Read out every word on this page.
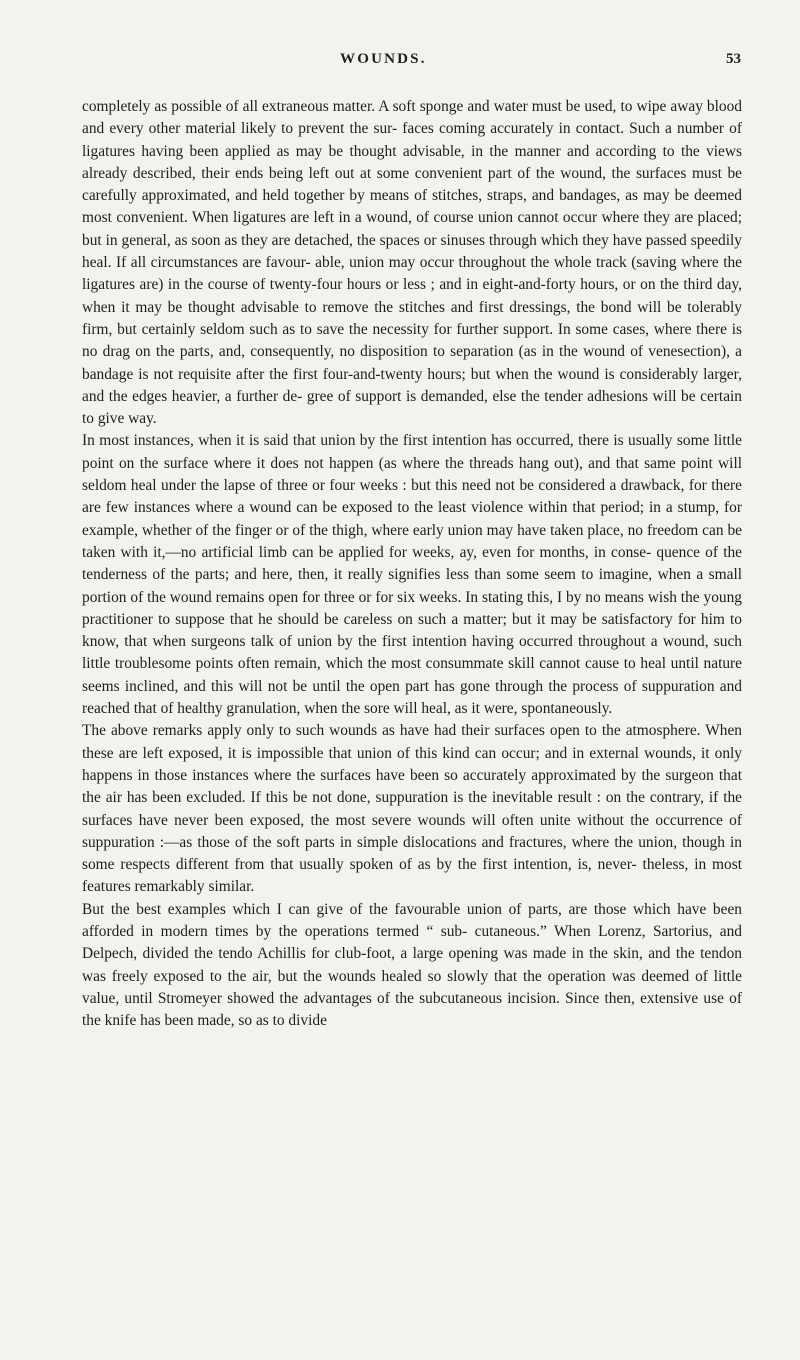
WOUNDS.	53

completely as possible of all extraneous matter. A soft sponge and water must be used, to wipe away blood and every other material likely to prevent the sur- faces coming accurately in contact. Such a number of ligatures having been applied as may be thought advisable, in the manner and according to the views already described, their ends being left out at some convenient part of the wound, the surfaces must be carefully approximated, and held together by means of stitches, straps, and bandages, as may be deemed most convenient. When ligatures are left in a wound, of course union cannot occur where they are placed; but in general, as soon as they are detached, the spaces or sinuses through which they have passed speedily heal. If all circumstances are favour- able, union may occur throughout the whole track (saving where the ligatures are) in the course of twenty-four hours or less ; and in eight-and-forty hours, or on the third day, when it may be thought advisable to remove the stitches and first dressings, the bond will be tolerably firm, but certainly seldom such as to save the necessity for further support. In some cases, where there is no drag on the parts, and, consequently, no disposition to separation (as in the wound of venesection), a bandage is not requisite after the first four-and-twenty hours; but when the wound is considerably larger, and the edges heavier, a further de- gree of support is demanded, else the tender adhesions will be certain to give way.

In most instances, when it is said that union by the first intention has occurred, there is usually some little point on the surface where it does not happen (as where the threads hang out), and that same point will seldom heal under the lapse of three or four weeks : but this need not be considered a drawback, for there are few instances where a wound can be exposed to the least violence within that period; in a stump, for example, whether of the finger or of the thigh, where early union may have taken place, no freedom can be taken with it,—no artificial limb can be applied for weeks, ay, even for months, in conse- quence of the tenderness of the parts; and here, then, it really signifies less than some seem to imagine, when a small portion of the wound remains open for three or for six weeks. In stating this, I by no means wish the young practitioner to suppose that he should be careless on such a matter; but it may be satisfactory for him to know, that when surgeons talk of union by the first intention having occurred throughout a wound, such little troublesome points often remain, which the most consummate skill cannot cause to heal until nature seems inclined, and this will not be until the open part has gone through the process of suppuration and reached that of healthy granulation, when the sore will heal, as it were, spontaneously.

The above remarks apply only to such wounds as have had their surfaces open to the atmosphere. When these are left exposed, it is impossible that union of this kind can occur; and in external wounds, it only happens in those instances where the surfaces have been so accurately approximated by the surgeon that the air has been excluded. If this be not done, suppuration is the inevitable result : on the contrary, if the surfaces have never been exposed, the most severe wounds will often unite without the occurrence of suppuration :—as those of the soft parts in simple dislocations and fractures, where the union, though in some respects different from that usually spoken of as by the first intention, is, never- theless, in most features remarkably similar.

But the best examples which I can give of the favourable union of parts, are those which have been afforded in modern times by the operations termed “ sub- cutaneous.” When Lorenz, Sartorius, and Delpech, divided the tendo Achillis for club-foot, a large opening was made in the skin, and the tendon was freely exposed to the air, but the wounds healed so slowly that the operation was deemed of little value, until Stromeyer showed the advantages of the subcutaneous incision. Since then, extensive use of the knife has been made, so as to divide
